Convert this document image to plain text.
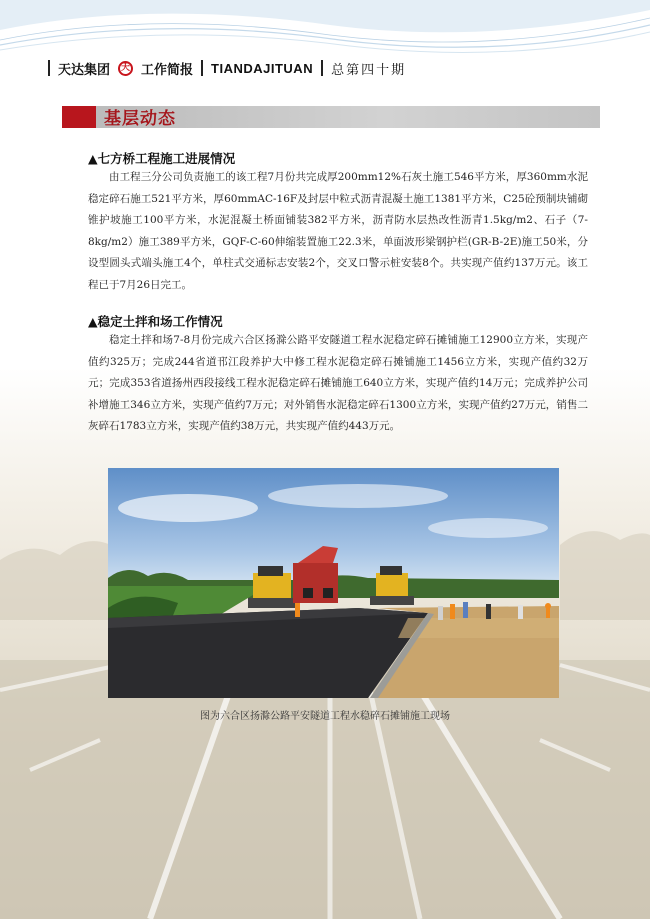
天达集团	天 工作简报 TIANDAJITUAN 总第四十期
基层动态
▲七方桥工程施工进展情况

由工程三分公司负责施工的该工程7月份共完成厚200mm12%石灰土施工546平方米，厚360mm水泥稳定碎石施工521平方米，厚60mmAC-16F及封层中粒式沥青混凝土施工1381平方米，C25砼预制块铺砌锥护坡施工100平方米，水泥混凝土桥面铺装382平方米，沥青防水层热改性沥青1.5kg/m2、石子（7-8kg/m2）施工389平方米，GQF-C-60伸缩装置施工22.3米，单面波形梁钢护栏(GR-B-2E)施工50米，分设型圆头式端头施工4个，单柱式交通标志安装2个，交叉口警示桩安装8个。共实现产值约137万元。该工程已于7月26日完工。

▲稳定土拌和场工作情况

稳定土拌和场7-8月份完成六合区扬滁公路平安隧道工程水泥稳定碎石摊铺施工12900立方米，实现产值约325万；完成244省道邗江段养护大中修工程水泥稳定碎石摊铺施工1456立方米，实现产值约32万元；完成353省道扬州西段接线工程水泥稳定碎石摊铺施工640立方米，实现产值约14万元；完成养护公司补增施工346立方米，实现产值约7万元；对外销售水泥稳定碎石1300立方米，实现产值约27万元，销售二灰碎石1783立方米，实现产值约38万元，共实现产值约443万元。

图为六合区扬滁公路平安隧道工程水稳碎石摊铺施工现场
